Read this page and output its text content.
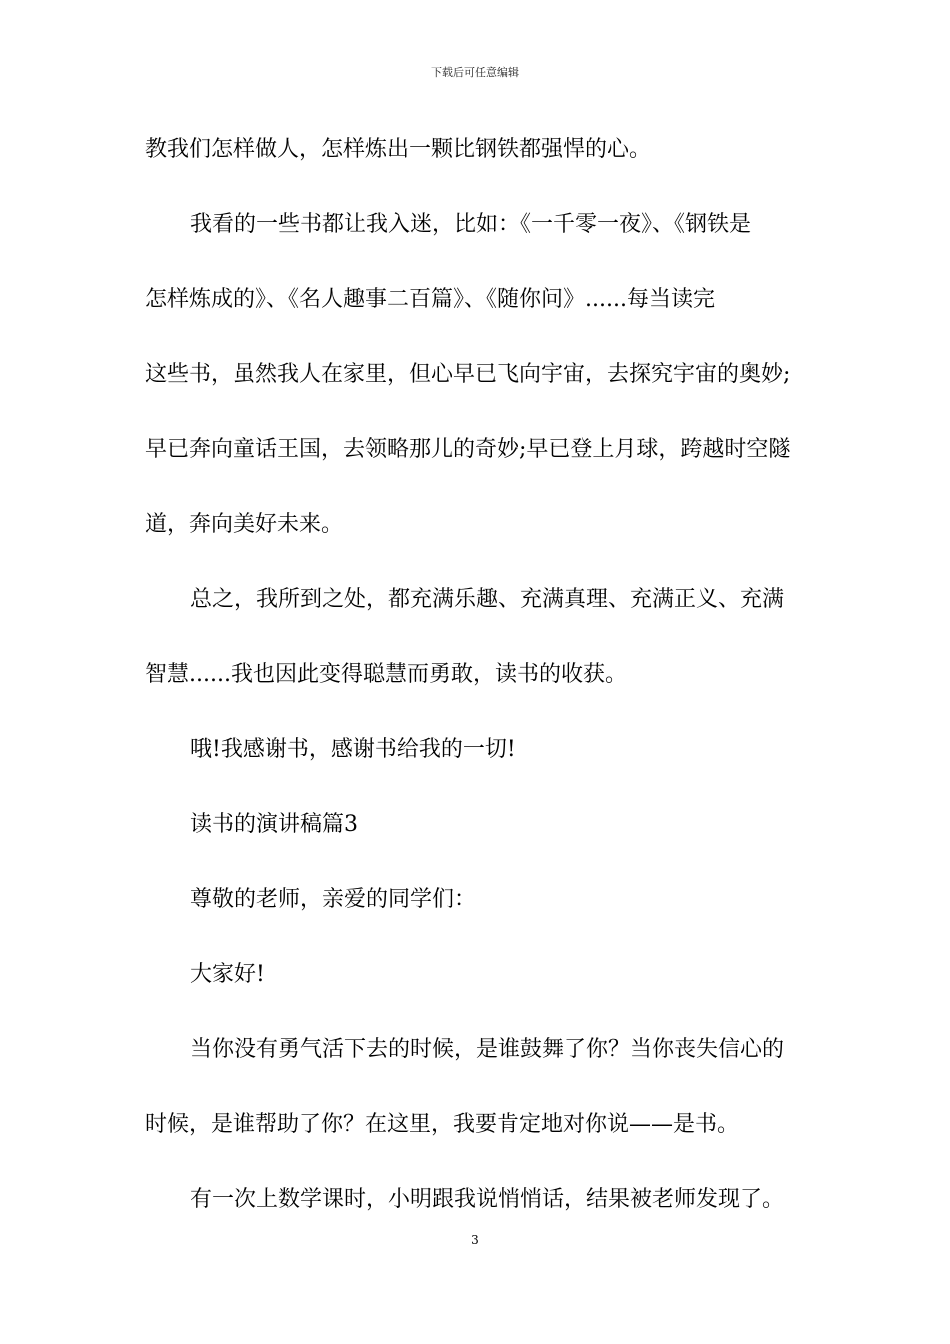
下载后可任意编辑
教我们怎样做人，怎样炼出一颗比钢铁都强悍的心。
我看的一些书都让我入迷，比如：《一千零一夜》、《钢铁是
怎样炼成的》、《名人趣事二百篇》、《随你问》......每当读完
这些书，虽然我人在家里，但心早已飞向宇宙，去探究宇宙的奥妙;
早已奔向童话王国，去领略那儿的奇妙;早已登上月球，跨越时空隧
道，奔向美好未来。
总之，我所到之处，都充满乐趣、充满真理、充满正义、充满
智慧......我也因此变得聪慧而勇敢，读书的收获。
哦!我感谢书，感谢书给我的一切!
读书的演讲稿篇3
尊敬的老师，亲爱的同学们：
大家好!
当你没有勇气活下去的时候，是谁鼓舞了你？当你丧失信心的
时候，是谁帮助了你？在这里，我要肯定地对你说——是书。
有一次上数学课时，小明跟我说悄悄话，结果被老师发现了。
3
